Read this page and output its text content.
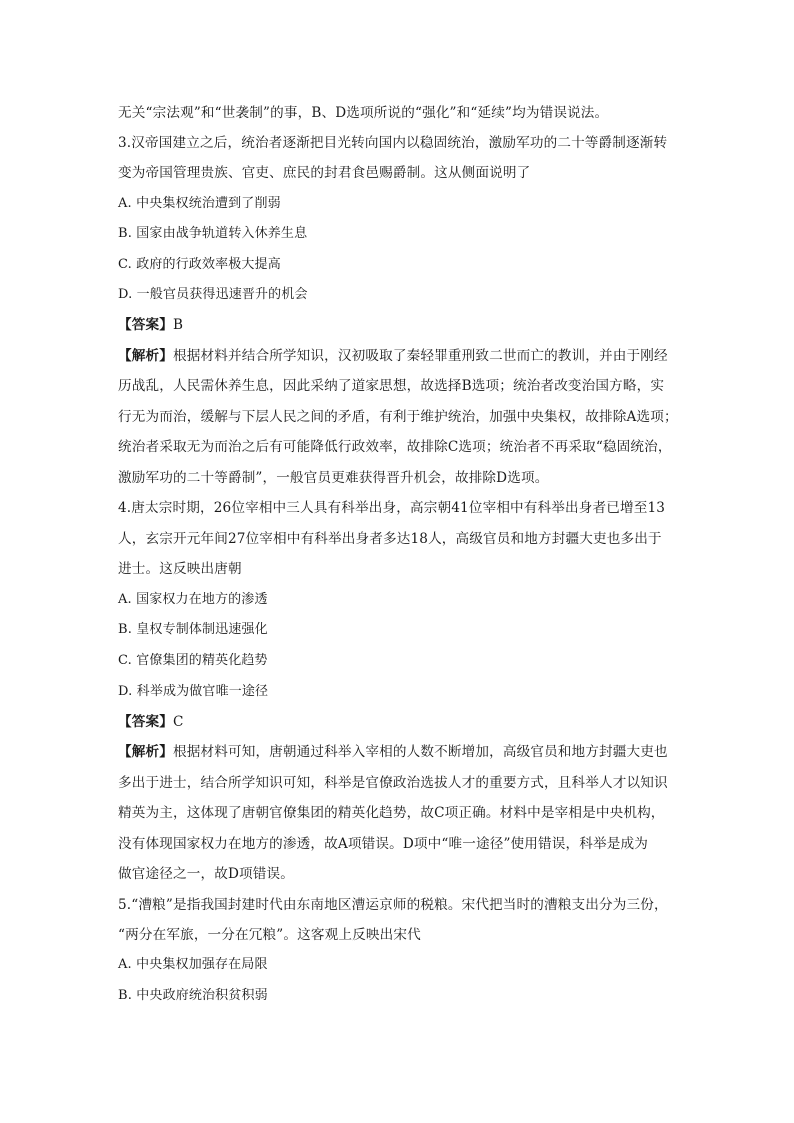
无关“宗法观”和“世袭制”的事，B、D选项所说的“强化”和“延续”均为错误说法。
3.汉帝国建立之后，统治者逐渐把目光转向国内以稳固统治，激励军功的二十等爵制逐渐转
变为帝国管理贵族、官吏、庶民的封君食邑赐爵制。这从侧面说明了
A. 中央集权统治遭到了削弱
B. 国家由战争轨道转入休养生息
C. 政府的行政效率极大提高
D. 一般官员获得迅速晋升的机会
【答案】B
【解析】根据材料并结合所学知识，汉初吸取了秦轻罪重刑致二世而亡的教训，并由于刚经
历战乱，人民需休养生息，因此采纳了道家思想，故选择B选项；统治者改变治国方略，实
行无为而治，缓解与下层人民之间的矛盾，有利于维护统治，加强中央集权，故排除A选项；
统治者采取无为而治之后有可能降低行政效率，故排除C选项；统治者不再采取“稳固统治，
激励军功的二十等爵制”，一般官员更难获得晋升机会，故排除D选项。
4.唐太宗时期，26位宰相中三人具有科举出身，高宗朝41位宰相中有科举出身者已增至13
人，玄宗开元年间27位宰相中有科举出身者多达18人，高级官员和地方封疆大吏也多出于
进士。这反映出唐朝
A. 国家权力在地方的渗透
B. 皇权专制体制迅速强化
C. 官僚集团的精英化趋势
D. 科举成为做官唯一途径
【答案】C
【解析】根据材料可知，唐朝通过科举入宰相的人数不断增加，高级官员和地方封疆大吏也
多出于进士，结合所学知识可知，科举是官僚政治选拔人才的重要方式，且科举人才以知识
精英为主，这体现了唐朝官僚集团的精英化趋势，故C项正确。材料中是宰相是中央机构，
没有体现国家权力在地方的渗透，故A项错误。D项中“唯一途径”使用错误，科举是成为
做官途径之一，故D项错误。
5.“漕粮”是指我国封建时代由东南地区漕运京师的税粮。宋代把当时的漕粮支出分为三份，
“两分在军旅，一分在冗粮”。这客观上反映出宋代
A. 中央集权加强存在局限
B. 中央政府统治积贫积弱
